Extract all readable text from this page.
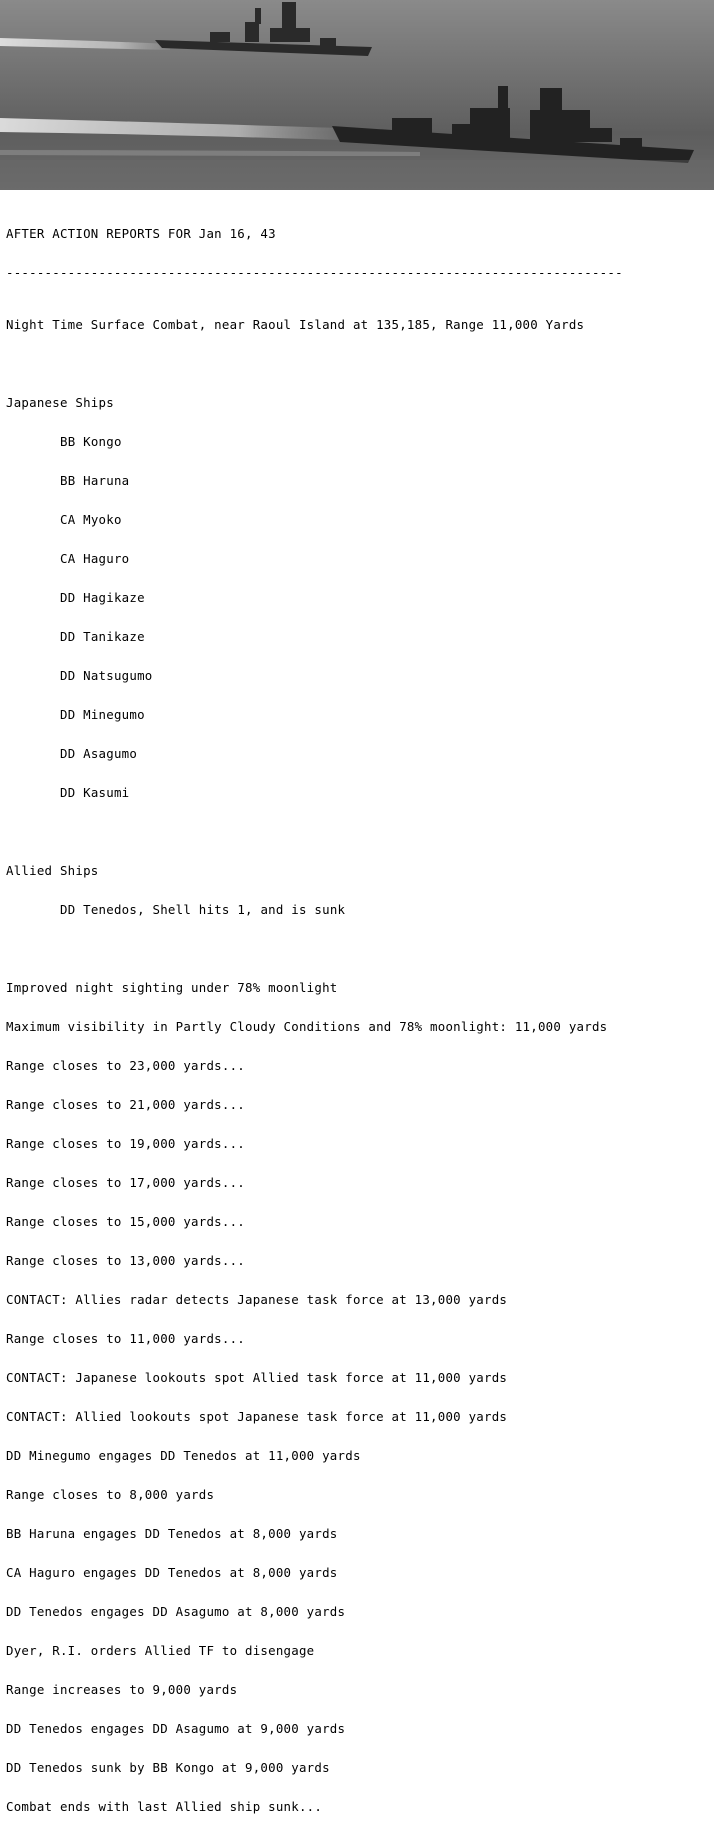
AFTER ACTION REPORTS FOR Jan 16, 43

--------------------------------------------------------------------------------

Night Time Surface Combat, near Raoul Island at 135,185, Range 11,000 Yards

Japanese Ships

BB Kongo

BB Haruna

CA Myoko

CA Haguro

DD Hagikaze

DD Tanikaze

DD Natsugumo

DD Minegumo

DD Asagumo

DD Kasumi

Allied Ships

DD Tenedos, Shell hits 1, and is sunk

Improved night sighting under 78% moonlight

Maximum visibility in Partly Cloudy Conditions and 78% moonlight: 11,000 yards

Range closes to 23,000 yards...

Range closes to 21,000 yards...

Range closes to 19,000 yards...

Range closes to 17,000 yards...

Range closes to 15,000 yards...

Range closes to 13,000 yards...

CONTACT: Allies radar detects Japanese task force at 13,000 yards

Range closes to 11,000 yards...

CONTACT: Japanese lookouts spot Allied task force at 11,000 yards

CONTACT: Allied lookouts spot Japanese task force at 11,000 yards

DD Minegumo engages DD Tenedos at 11,000 yards

Range closes to 8,000 yards

BB Haruna engages DD Tenedos at 8,000 yards

CA Haguro engages DD Tenedos at 8,000 yards

DD Tenedos engages DD Asagumo at 8,000 yards

Dyer, R.I. orders Allied TF to disengage

Range increases to 9,000 yards

DD Tenedos engages DD Asagumo at 9,000 yards

DD Tenedos sunk by BB Kongo at 9,000 yards

Combat ends with last Allied ship sunk...
